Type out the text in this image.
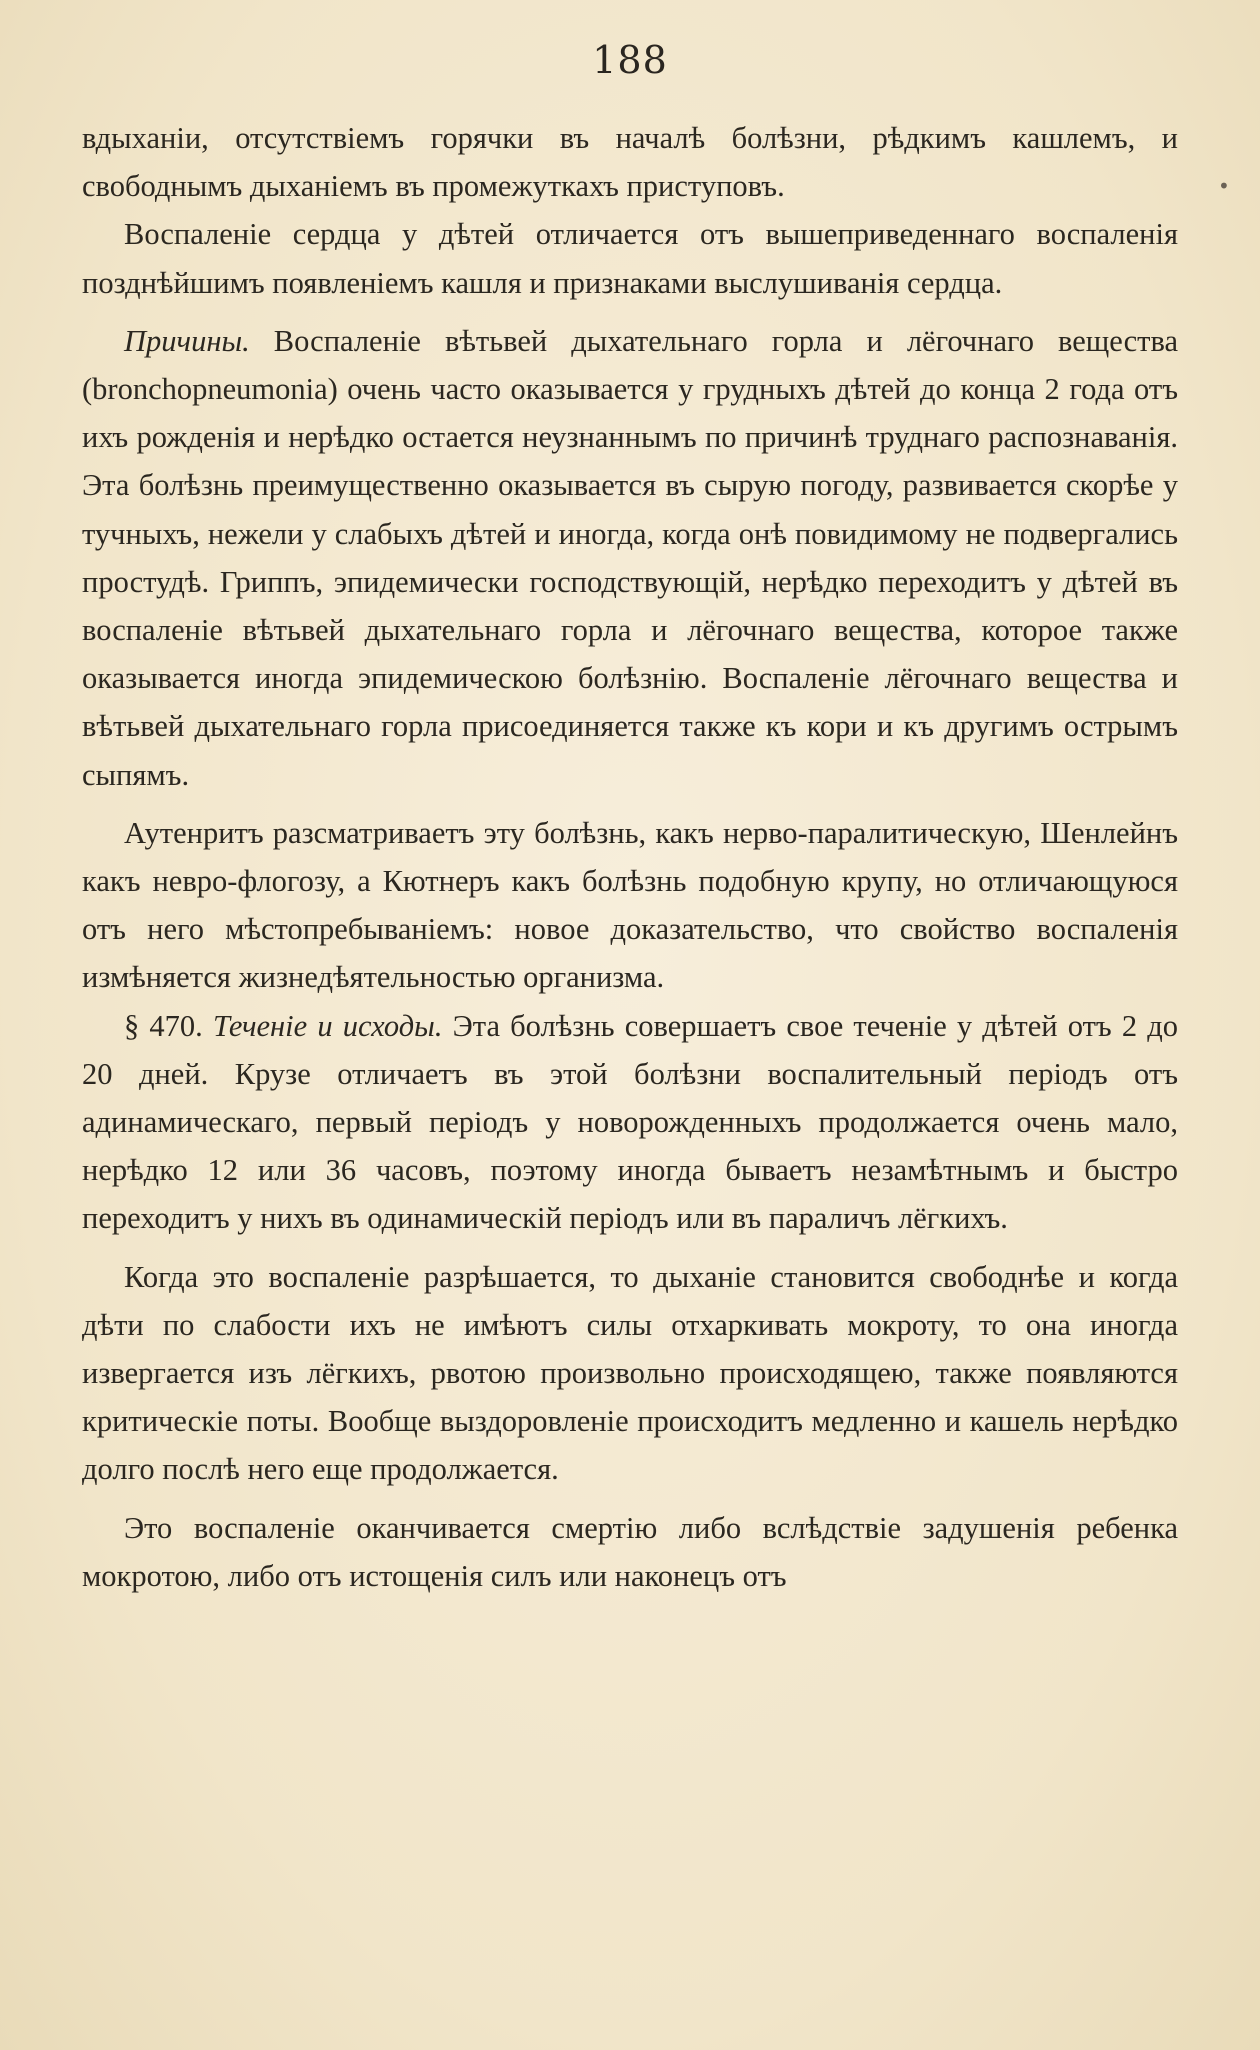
188
•

вдыханіи, отсутствіемъ горячки въ началѣ болѣзни, рѣдкимъ кашлемъ, и свободнымъ дыханіемъ въ промежуткахъ приступовъ.

Воспаленіе сердца у дѣтей отличается отъ вышеприведеннаго воспаленія позднѣйшимъ появленіемъ кашля и признаками выслушиванія сердца.

Причины. Воспаленіе вѣтьвей дыхательнаго горла и лёгочнаго вещества (bronchopneumonia) очень часто оказывается у грудныхъ дѣтей до конца 2 года отъ ихъ рожденія и нерѣдко остается неузнаннымъ по причинѣ труднаго распознаванія. Эта болѣзнь преимущественно оказывается въ сырую погоду, развивается скорѣе у тучныхъ, нежели у слабыхъ дѣтей и иногда, когда онѣ повидимому не подвергались простудѣ. Гриппъ, эпидемически господствующій, нерѣдко переходитъ у дѣтей въ воспаленіе вѣтьвей дыхательнаго горла и лёгочнаго вещества, которое также оказывается иногда эпидемическою болѣзнію. Воспаленіе лёгочнаго вещества и вѣтьвей дыхательнаго горла присоединяется также къ кори и къ другимъ острымъ сыпямъ.

Аутенритъ разсматриваетъ эту болѣзнь, какъ нерво-паралитическую, Шенлейнъ какъ невро-флогозу, а Кютнеръ какъ болѣзнь подобную крупу, но отличающуюся отъ него мѣстопребываніемъ: новое доказательство, что свойство воспаленія измѣняется жизнедѣятельностью организма.

§ 470. Теченіе и исходы. Эта болѣзнь совершаетъ свое теченіе у дѣтей отъ 2 до 20 дней. Крузе отличаетъ въ этой болѣзни воспалительный періодъ отъ адинамическаго, первый періодъ у новорожденныхъ продолжается очень мало, нерѣдко 12 или 36 часовъ, поэтому иногда бываетъ незамѣтнымъ и быстро переходитъ у нихъ въ одинамическій періодъ или въ параличъ лёгкихъ.

Когда это воспаленіе разрѣшается, то дыханіе становится свободнѣе и когда дѣти по слабости ихъ не имѣютъ силы отхаркивать мокроту, то она иногда извергается изъ лёгкихъ, рвотою произвольно происходящею, также появляются критическіе поты. Вообще выздоровленіе происходитъ медленно и кашель нерѣдко долго послѣ него еще продолжается.

Это воспаленіе оканчивается смертію либо вслѣдствіе задушенія ребенка мокротою, либо отъ истощенія силъ или наконецъ отъ
